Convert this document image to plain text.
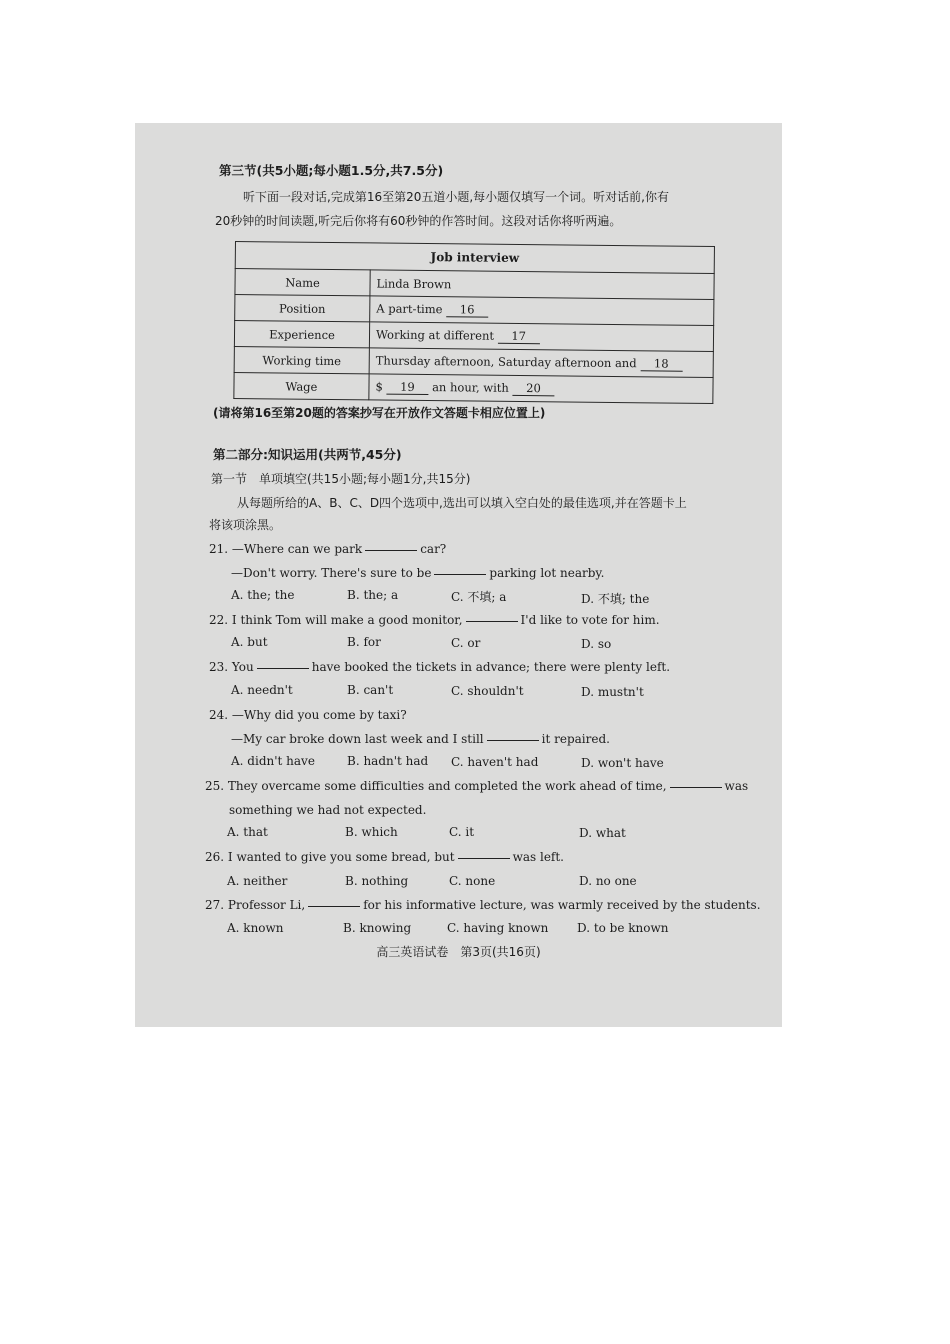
第三节(共5小题;每小题1.5分,共7.5分)
听下面一段对话,完成第16至第20五道小题,每小题仅填写一个词。听对话前,你有
20秒钟的时间读题,听完后你将有60秒钟的作答时间。这段对话你将听两遍。
Job interview	
Name	Linda Brown
Position	A part-time 16
Experience	Working at different 17
Working time	Thursday afternoon, Saturday afternoon and 18
Wage	$ 19 an hour, with 20
(请将第16至第20题的答案抄写在开放作文答题卡相应位置上)
第二部分:知识运用(共两节,45分)
第一节　单项填空(共15小题;每小题1分,共15分)
从每题所给的A、B、C、D四个选项中,选出可以填入空白处的最佳选项,并在答题卡上
将该项涂黑。
21. —Where can we park	car?
—Don't worry. There's sure to be	parking lot nearby.
A. the; the	B. the; a	C. 不填; a	D. 不填; the
22. I think Tom will make a good monitor,	I'd like to vote for him.
A. but	B. for	C. or	D. so
23. You	have booked the tickets in advance; there were plenty left.
A. needn't	B. can't	C. shouldn't	D. mustn't
24. —Why did you come by taxi?
—My car broke down last week and I still	it repaired.
A. didn't have	B. hadn't had C. haven't had	D. won't have
25. They overcame some difficulties and completed the work ahead of time,	was
something we had not expected.
A. that	B. which	C. it	D. what
26. I wanted to give you some bread, but	was left.
A. neither	B. nothing	C. none	D. no one
27. Professor Li,	for his informative lecture, was warmly received by the students.
A. known	B. knowing	C. having known D. to be known
高三英语试卷　第3页(共16页)
